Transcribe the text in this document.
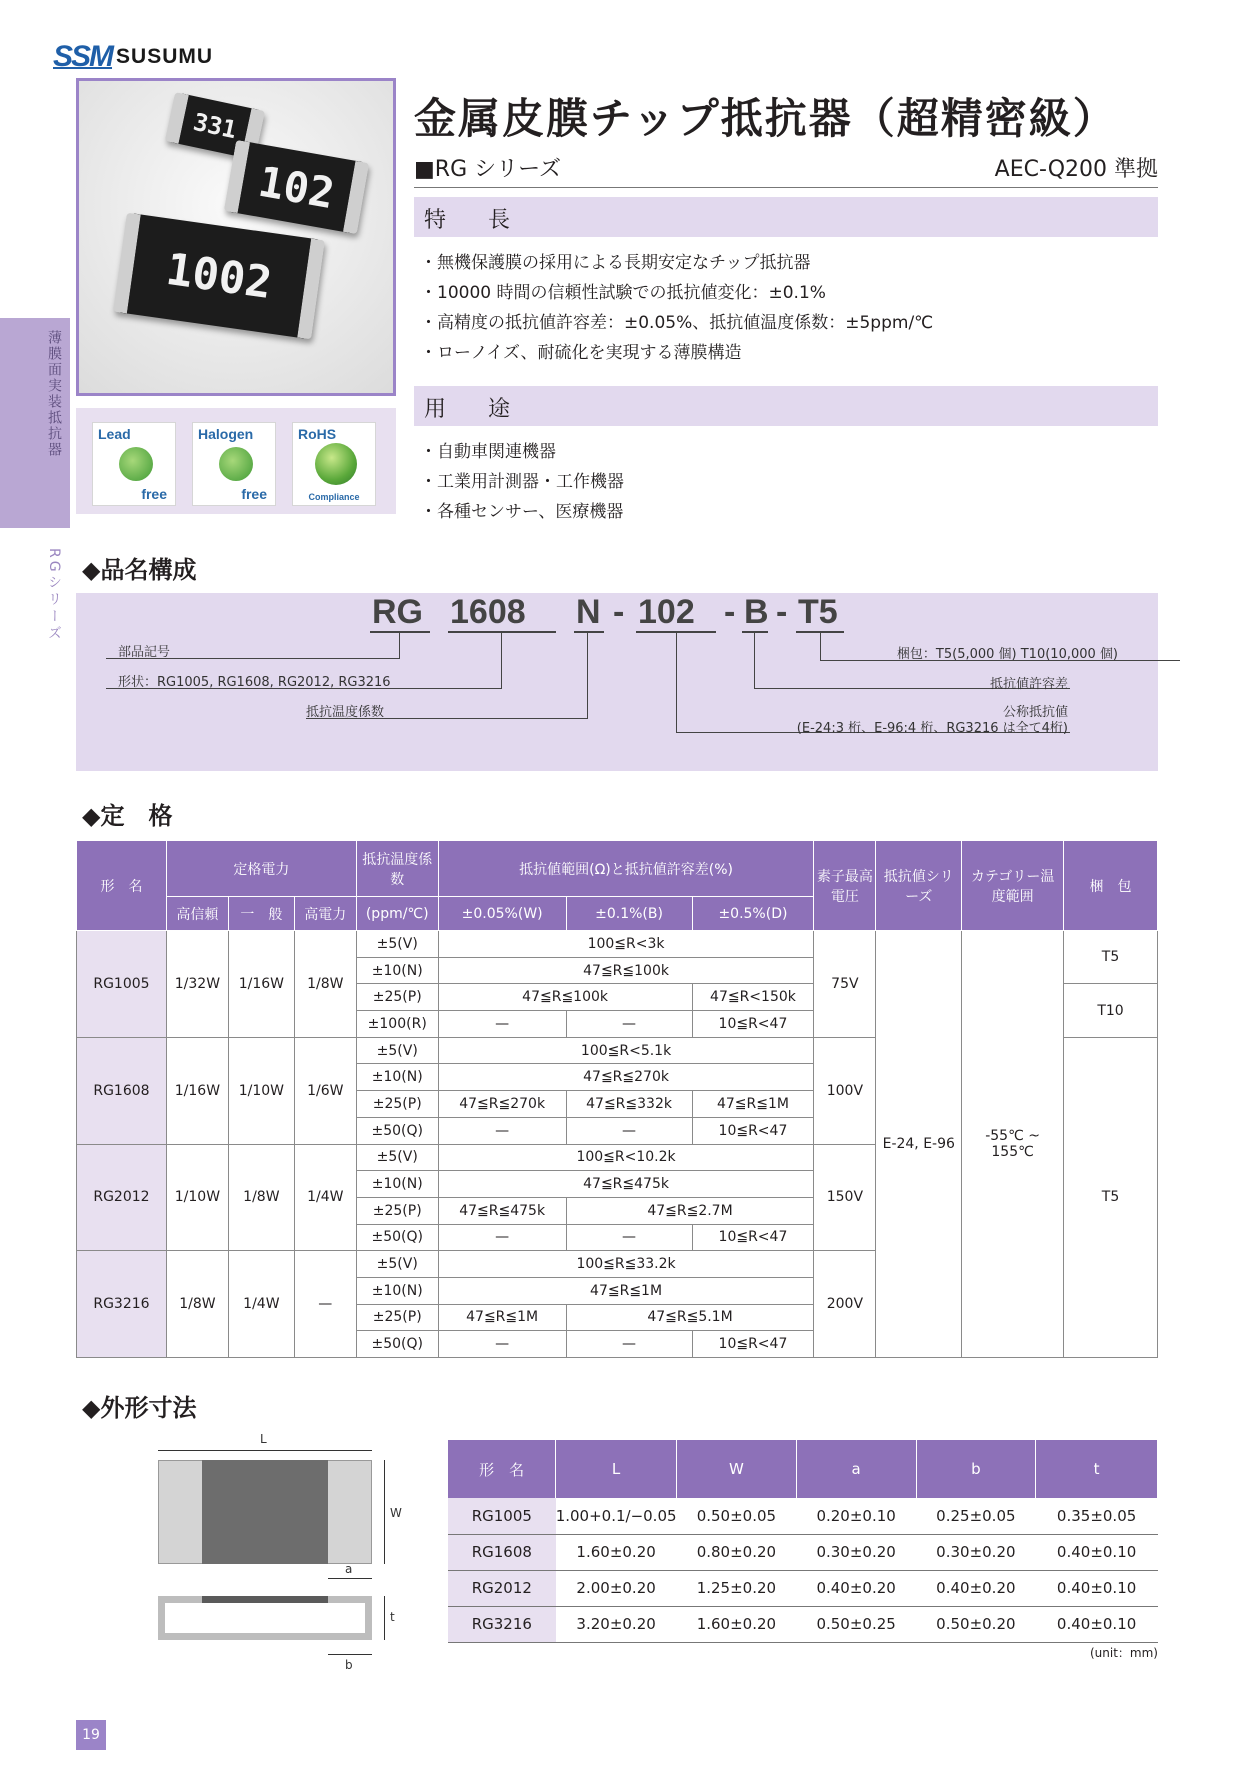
SSM SUSUMU
薄膜面実装抵抗器
RGシリーズ
331
102
1002
Lead
free
Halogen
free
RoHS
Compliance
金属皮膜チップ抵抗器（超精密級）
■RG シリーズ	AEC-Q200 準拠
特　長
・無機保護膜の採用による長期安定なチップ抵抗器
・10000 時間の信頼性試験での抵抗値変化：±0.1%
・高精度の抵抗値許容差：±0.05%、抵抗値温度係数：±5ppm/℃
・ローノイズ、耐硫化を実現する薄膜構造
用　途
・自動車関連機器
・工業用計測器・工作機器
・各種センサー、医療機器
◆品名構成
RG 1608 N - 102 - B - T5
部品記号
形状：RG1005, RG1608, RG2012, RG3216
抵抗温度係数
梱包：T5(5,000 個) T10(10,000 個)
抵抗値許容差
公称抵抗値
(E-24:3 桁、E-96:4 桁、RG3216 は全て4桁)
◆定　格
形　名	定格電力			抵抗温度係数	抵抗値範囲(Ω)と抵抗値許容差(%)			素子最高電圧	抵抗値シリーズ	カテゴリー温度範囲	梱　包
	高信頼	一　般	高電力	(ppm/℃)	±0.05%(W)	±0.1%(B)	±0.5%(D)				
RG1005	1/32W	1/16W	1/8W	±5(V)	100≦R<3k			75V	E-24, E-96	-55℃ ~ 155℃	T5
				±10(N)	47≦R≦100k						
				±25(P)	47≦R≦100k		47≦R<150k				T10
				±100(R)	—	—	10≦R<47				
RG1608	1/16W	1/10W	1/6W	±5(V)	100≦R<5.1k			100V			T5
				±10(N)	47≦R≦270k						
				±25(P)	47≦R≦270k	47≦R≦332k	47≦R≦1M				
				±50(Q)	—	—	10≦R<47				
RG2012	1/10W	1/8W	1/4W	±5(V)	100≦R<10.2k			150V			
				±10(N)	47≦R≦475k						
				±25(P)	47≦R≦475k	47≦R≦2.7M					
				±50(Q)	—	—	10≦R<47				
RG3216	1/8W	1/4W	—	±5(V)	100≦R≦33.2k			200V			
				±10(N)	47≦R≦1M						
				±25(P)	47≦R≦1M	47≦R≦5.1M					
				±50(Q)	—	—	10≦R<47				
◆外形寸法
L
W
a
t
b
形　名	L	W	a	b	t
RG1005	1.00+0.1/−0.05	0.50±0.05	0.20±0.10	0.25±0.05	0.35±0.05
RG1608	1.60±0.20	0.80±0.20	0.30±0.20	0.30±0.20	0.40±0.10
RG2012	2.00±0.20	1.25±0.20	0.40±0.20	0.40±0.20	0.40±0.10
RG3216	3.20±0.20	1.60±0.20	0.50±0.25	0.50±0.20	0.40±0.10
(unit：mm)
19
